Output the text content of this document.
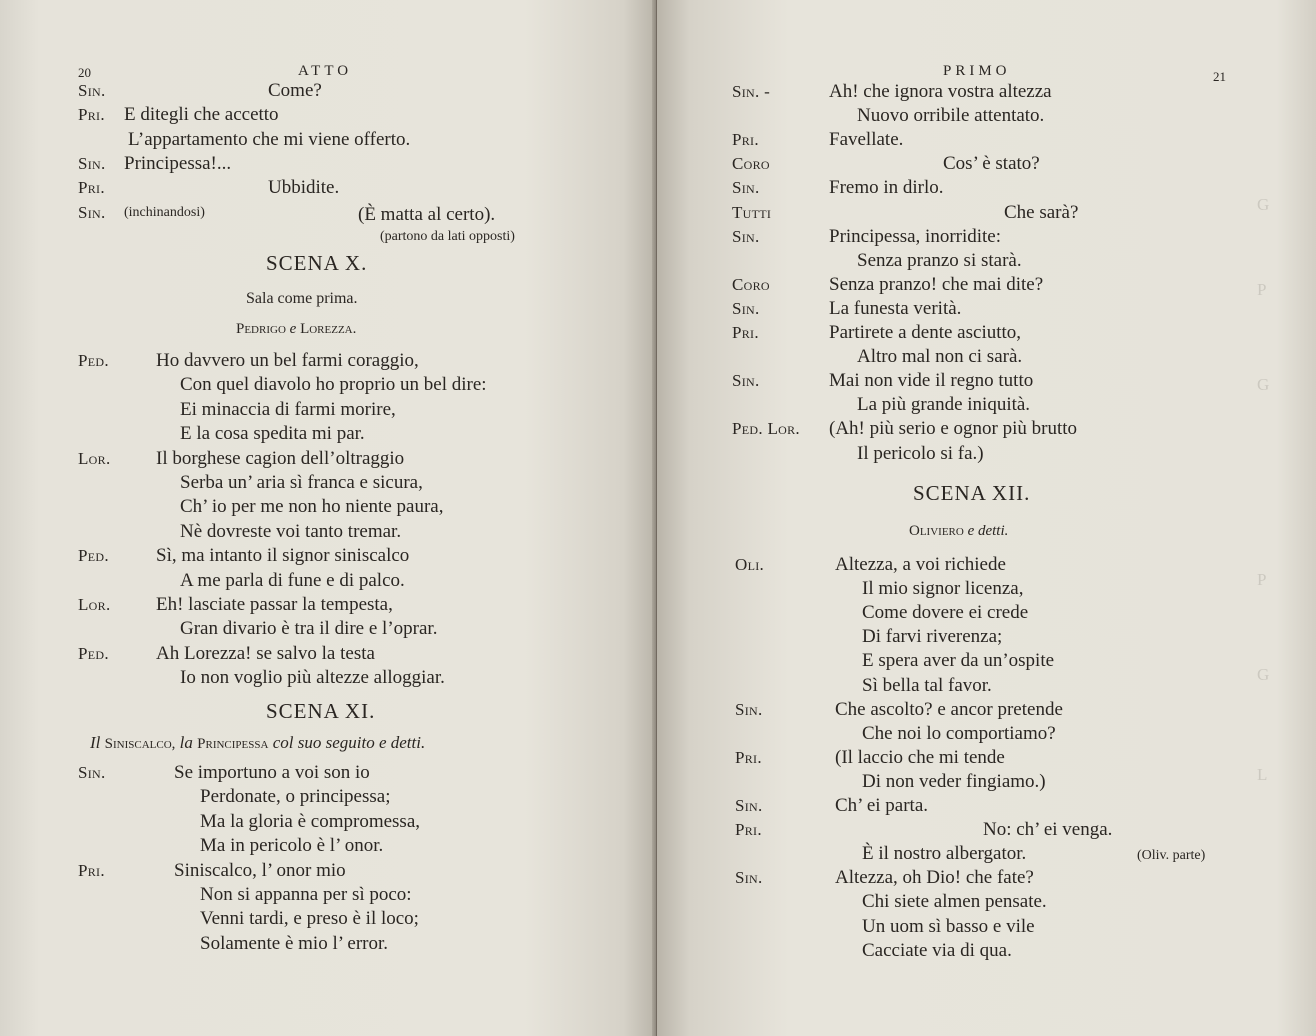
20	ATTO
Sin.	Come?
Pri. E ditegli che accetto
L’appartamento che mi viene offerto.
Sin. Principessa!...
Pri.	Ubbidite.
Sin. (inchinandosi)	(È matta al certo).
(partono da lati opposti)
SCENA X.
Sala come prima.
Pedrigo e Lorezza.
Ped. Ho davvero un bel farmi coraggio,
Con quel diavolo ho proprio un bel dire:
Ei minaccia di farmi morire,
E la cosa spedita mi par.
Lor. Il borghese cagion dell’oltraggio
Serba un’ aria sì franca e sicura,
Ch’ io per me non ho niente paura,
Nè dovreste voi tanto tremar.
Ped. Sì, ma intanto il signor siniscalco
A me parla di fune e di palco.
Lor. Eh! lasciate passar la tempesta,
Gran divario è tra il dire e l’oprar.
Ped. Ah Lorezza! se salvo la testa
Io non voglio più altezze alloggiar.
SCENA XI.
Il Siniscalco, la Principessa col suo seguito e detti.
Sin.	Se importuno a voi son io
Perdonate, o principessa;
Ma la gloria è compromessa,
Ma in pericolo è l’ onor.
Pri.	Siniscalco, l’ onor mio
Non si appanna per sì poco:
Venni tardi, e preso è il loco;
Solamente è mio l’ error.
PRIMO	21
Sin. -	Ah! che ignora vostra altezza
Nuovo orribile attentato.
Pri.	Favellate.
Coro	Cos’ è stato?
Sin.	Fremo in dirlo.
Tutti	Che sarà?
Sin.	Principessa, inorridite:
Senza pranzo si starà.
Coro	Senza pranzo! che mai dite?
Sin.	La funesta verità.
Pri.	Partirete a dente asciutto,
Altro mal non ci sarà.
Sin.	Mai non vide il regno tutto
La più grande iniquità.
Ped. Lor. (Ah! più serio e ognor più brutto
Il pericolo si fa.)
SCENA XII.
Oliviero e detti.
Oli.	Altezza, a voi richiede
Il mio signor licenza,
Come dovere ei crede
Di farvi riverenza;
E spera aver da un’ospite
Sì bella tal favor.
Sin.	Che ascolto? e ancor pretende
Che noi lo comportiamo?
Pri.	(Il laccio che mi tende
Di non veder fingiamo.)
Sin.	Ch’ ei parta.
Pri.	No: ch’ ei venga.
È il nostro albergator.	(Oliv. parte)
Sin.	Altezza, oh Dio! che fate?
Chi siete almen pensate.
Un uom sì basso e vile
Cacciate via di qua.
G
P
G
P
G
L
